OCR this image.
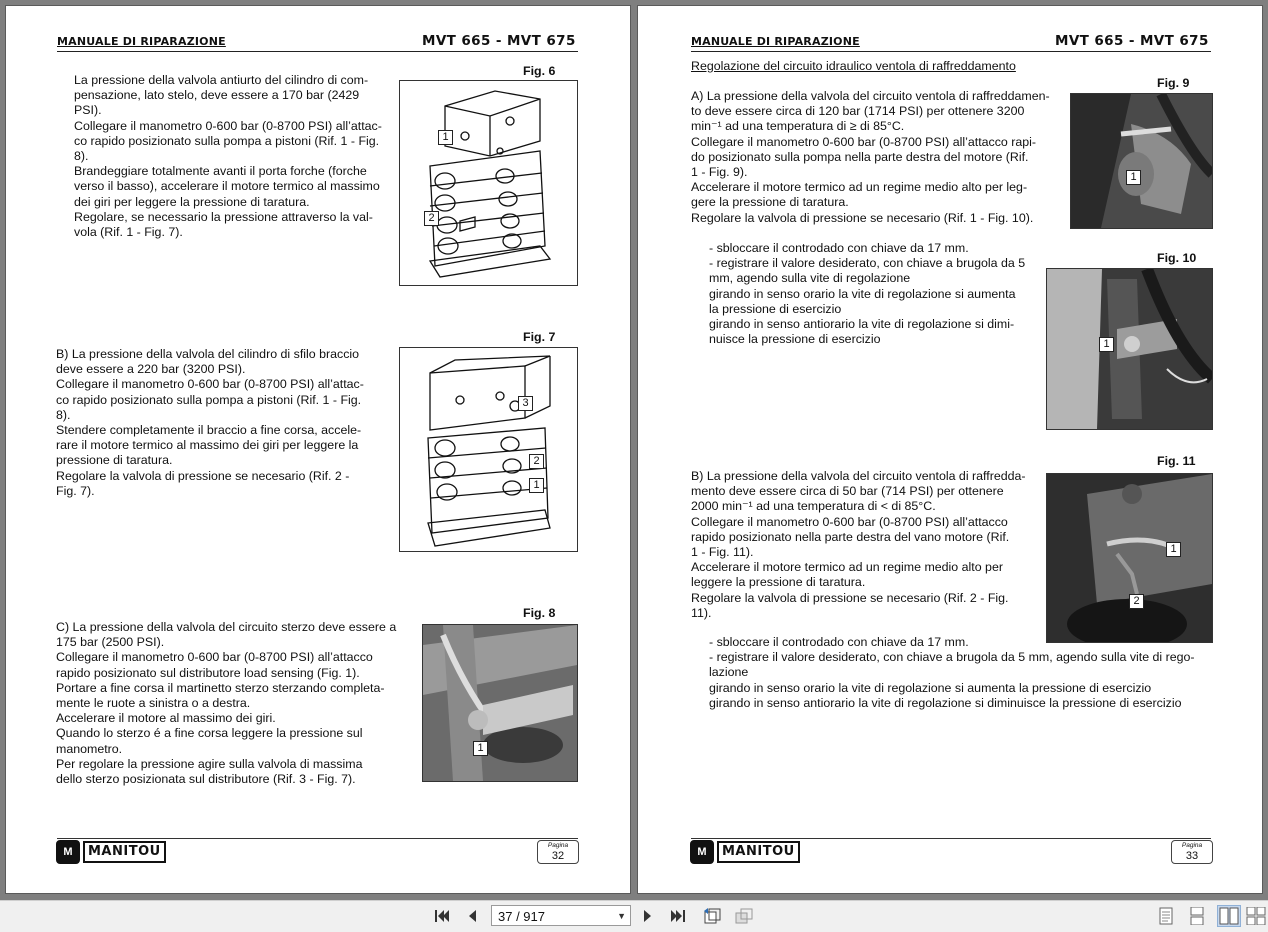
MANUALE DI RIPARAZIONE	MVT 665 - MVT 675
La pressione della valvola antiurto del cilindro di com-
pensazione, lato stelo, deve essere a 170 bar (2429
PSI).
Collegare il manometro 0-600 bar (0-8700 PSI) all’attac-
co rapido posizionato sulla pompa a pistoni (Rif. 1 - Fig.
8).
Brandeggiare totalmente avanti il porta forche (forche
verso il basso), accelerare il motore termico al massimo
dei giri per leggere la pressione di taratura.
Regolare, se necessario la pressione attraverso la val-
vola (Rif. 1 - Fig. 7).
Fig. 6
1
2
Fig. 7
B) La pressione della valvola del cilindro di sfilo braccio
deve essere a 220 bar (3200 PSI).
Collegare il manometro 0-600 bar (0-8700 PSI) all’attac-
co rapido posizionato sulla pompa a pistoni (Rif. 1 - Fig.
8).
Stendere completamente il braccio a fine corsa, accele-
rare il motore termico al massimo dei giri per leggere la
pressione di taratura.
Regolare la valvola di pressione se necesario (Rif. 2 -
Fig. 7).
3
2
1
Fig. 8
C) La pressione della valvola del circuito sterzo deve essere a
175 bar (2500 PSI).
Collegare il manometro 0-600 bar (0-8700 PSI) all’attacco
rapido posizionato sul distributore load sensing (Fig. 1).
Portare a fine corsa il martinetto sterzo sterzando completa-
mente le ruote a sinistra o a destra.
Accelerare il motore al massimo dei giri.
Quando lo sterzo é a fine corsa leggere la pressione sul
manometro.
Per regolare la pressione agire sulla valvola di massima
dello sterzo posizionata sul distributore (Rif. 3 - Fig. 7).
1
M	MANITOU	Pagina
32
MANUALE DI RIPARAZIONE	MVT 665 - MVT 675
Regolazione del circuito idraulico ventola di raffreddamento
Fig. 9
A) La pressione della valvola del circuito ventola di raffreddamen-
to deve essere circa di 120 bar (1714 PSI) per ottenere 3200
min⁻¹ ad una temperatura di ≥ di 85°C.
Collegare il manometro 0-600 bar (0-8700 PSI) all’attacco rapi-
do posizionato sulla pompa nella parte destra del motore (Rif.
1 - Fig. 9).
Accelerare il motore termico ad un regime medio alto per leg-
gere la pressione di taratura.
Regolare la valvola di pressione se necesario (Rif. 1 - Fig. 10).
1
- sbloccare il controdado con chiave da 17 mm.
- registrare il valore desiderato, con chiave a brugola da 5
mm, agendo sulla vite di regolazione
girando in senso orario la vite di regolazione si aumenta
la pressione di esercizio
girando in senso antiorario la vite di regolazione si dimi-
nuisce la pressione di esercizio
Fig. 10
1
Fig. 11
B) La pressione della valvola del circuito ventola di raffredda-
mento deve essere circa di 50 bar (714 PSI) per ottenere
2000 min⁻¹ ad una temperatura di < di 85°C.
Collegare il manometro 0-600 bar (0-8700 PSI) all’attacco
rapido posizionato nella parte destra del vano motore (Rif.
1 - Fig. 11).
Accelerare il motore termico ad un regime medio alto per
leggere la pressione di taratura.
Regolare la valvola di pressione se necesario (Rif. 2 - Fig.
11).
1
2
- sbloccare il controdado con chiave da 17 mm.
- registrare il valore desiderato, con chiave a brugola da 5 mm, agendo sulla vite di rego-
lazione
girando in senso orario la vite di regolazione si aumenta la pressione di esercizio
girando in senso antiorario la vite di regolazione si diminuisce la pressione di esercizio
M	MANITOU	Pagina
33
37 / 917	▼
